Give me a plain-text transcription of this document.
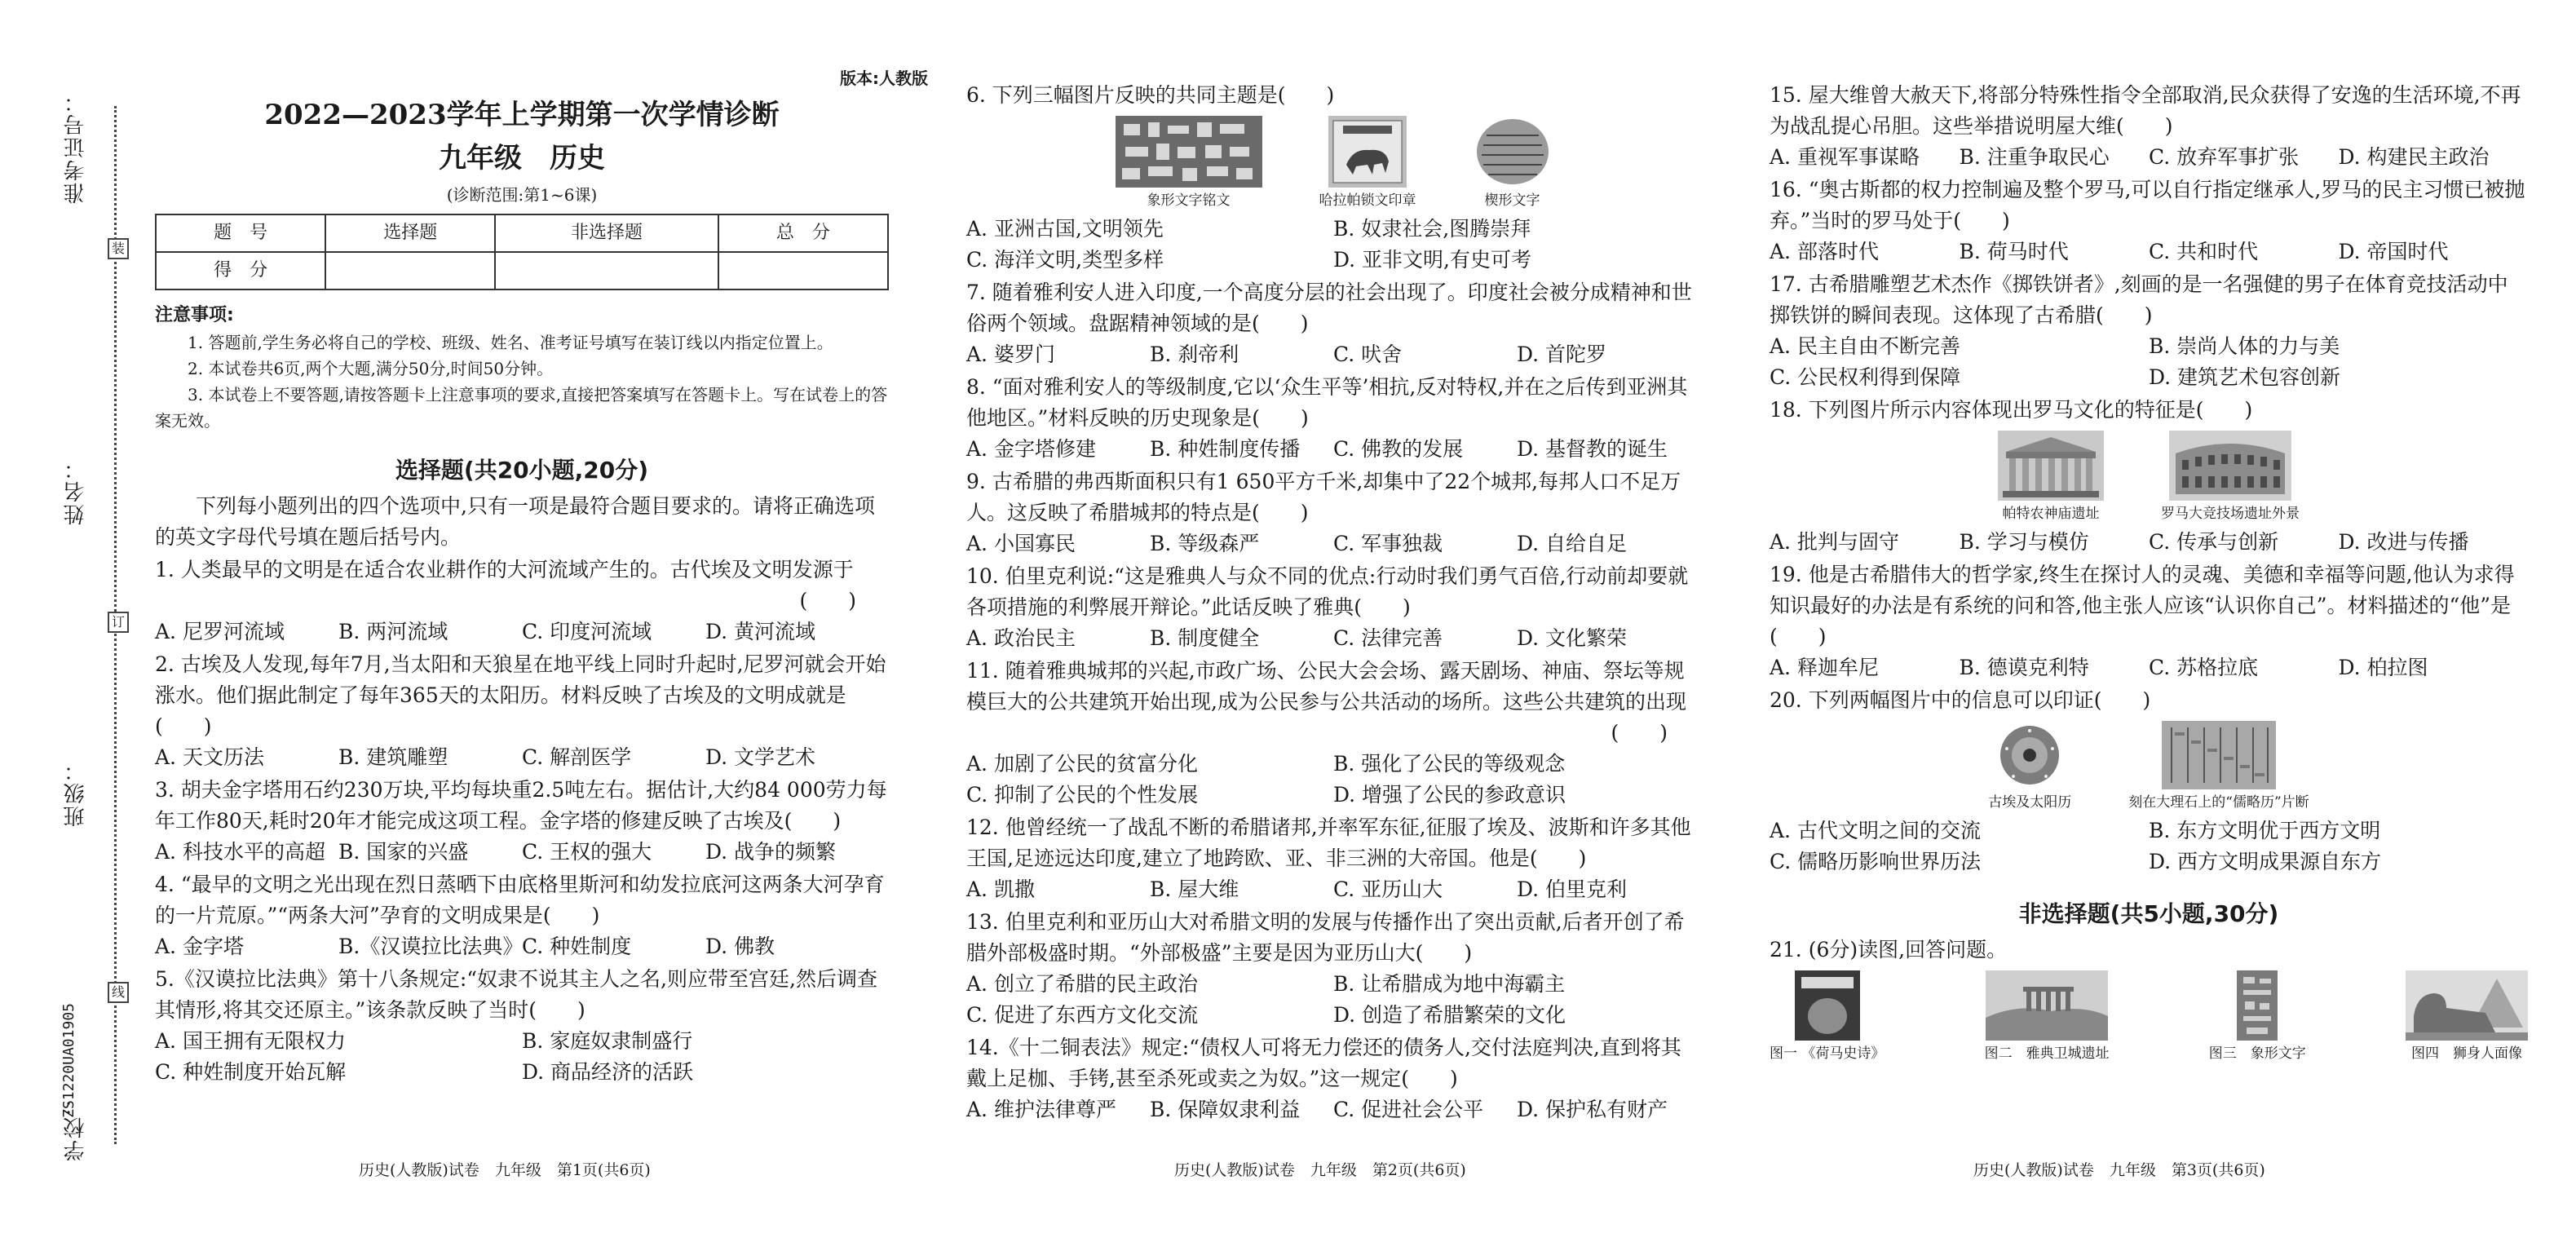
准考证号：
姓名：
班级：
学校：
装
订
线
ZS1220UA01905
版本:人教版
2022—2023学年上学期第一次学情诊断
九年级　历史
(诊断范围:第1~6课)
题　号	选择题	非选择题	总　分
得　分			
注意事项:
1. 答题前,学生务必将自己的学校、班级、姓名、准考证号填写在装订线以内指定位置上。
2. 本试卷共6页,两个大题,满分50分,时间50分钟。
3. 本试卷上不要答题,请按答题卡上注意事项的要求,直接把答案填写在答题卡上。写在试卷上的答案无效。
选择题(共20小题,20分)
下列每小题列出的四个选项中,只有一项是最符合题目要求的。请将正确选项的英文字母代号填在题后括号内。
1. 人类最早的文明是在适合农业耕作的大河流域产生的。古代埃及文明发源于
(　　)
A. 尼罗河流域	B. 两河流域	C. 印度河流域	D. 黄河流域
2. 古埃及人发现,每年7月,当太阳和天狼星在地平线上同时升起时,尼罗河就会开始涨水。他们据此制定了每年365天的太阳历。材料反映了古埃及的文明成就是(　　)
A. 天文历法	B. 建筑雕塑	C. 解剖医学	D. 文学艺术
3. 胡夫金字塔用石约230万块,平均每块重2.5吨左右。据估计,大约84 000劳力每年工作80天,耗时20年才能完成这项工程。金字塔的修建反映了古埃及(　　)
A. 科技水平的高超 B. 国家的兴盛	C. 王权的强大	D. 战争的频繁
4. “最早的文明之光出现在烈日蒸晒下由底格里斯河和幼发拉底河这两条大河孕育的一片荒原。”“两条大河”孕育的文明成果是(　　)
A. 金字塔	B.《汉谟拉比法典》
C. 种姓制度	D. 佛教
5.《汉谟拉比法典》第十八条规定:“奴隶不说其主人之名,则应带至宫廷,然后调查其情形,将其交还原主。”该条款反映了当时(　　)
A. 国王拥有无限权力	B. 家庭奴隶制盛行
C. 种姓制度开始瓦解	D. 商品经济的活跃
历史(人教版)试卷　九年级　第1页(共6页)
6. 下列三幅图片反映的共同主题是(　　)
象形文字铭文	哈拉帕锁文印章	楔形文字
A. 亚洲古国,文明领先	B. 奴隶社会,图腾崇拜
C. 海洋文明,类型多样	D. 亚非文明,有史可考
7. 随着雅利安人进入印度,一个高度分层的社会出现了。印度社会被分成精神和世俗两个领域。盘踞精神领域的是(　　)
A. 婆罗门	B. 刹帝利	C. 吠舍	D. 首陀罗
8. “面对雅利安人的等级制度,它以‘众生平等’相抗,反对特权,并在之后传到亚洲其他地区。”材料反映的历史现象是(　　)
A. 金字塔修建	B. 种姓制度传播	C. 佛教的发展	D. 基督教的诞生
9. 古希腊的弗西斯面积只有1 650平方千米,却集中了22个城邦,每邦人口不足万人。这反映了希腊城邦的特点是(　　)
A. 小国寡民	B. 等级森严	C. 军事独裁	D. 自给自足
10. 伯里克利说:“这是雅典人与众不同的优点:行动时我们勇气百倍,行动前却要就各项措施的利弊展开辩论。”此话反映了雅典(　　)
A. 政治民主	B. 制度健全	C. 法律完善	D. 文化繁荣
11. 随着雅典城邦的兴起,市政广场、公民大会会场、露天剧场、神庙、祭坛等规模巨大的公共建筑开始出现,成为公民参与公共活动的场所。这些公共建筑的出现
(　　)
A. 加剧了公民的贫富分化	B. 强化了公民的等级观念
C. 抑制了公民的个性发展	D. 增强了公民的参政意识
12. 他曾经统一了战乱不断的希腊诸邦,并率军东征,征服了埃及、波斯和许多其他王国,足迹远达印度,建立了地跨欧、亚、非三洲的大帝国。他是(　　)
A. 凯撒	B. 屋大维	C. 亚历山大	D. 伯里克利
13. 伯里克利和亚历山大对希腊文明的发展与传播作出了突出贡献,后者开创了希腊外部极盛时期。“外部极盛”主要是因为亚历山大(　　)
A. 创立了希腊的民主政治	B. 让希腊成为地中海霸主
C. 促进了东西方文化交流	D. 创造了希腊繁荣的文化
14.《十二铜表法》规定:“债权人可将无力偿还的债务人,交付法庭判决,直到将其戴上足枷、手铐,甚至杀死或卖之为奴。”这一规定(　　)
A. 维护法律尊严	B. 保障奴隶利益	C. 促进社会公平	D. 保护私有财产
历史(人教版)试卷　九年级　第2页(共6页)
15. 屋大维曾大赦天下,将部分特殊性指令全部取消,民众获得了安逸的生活环境,不再为战乱提心吊胆。这些举措说明屋大维(　　)
A. 重视军事谋略	B. 注重争取民心	C. 放弃军事扩张	D. 构建民主政治
16. “奥古斯都的权力控制遍及整个罗马,可以自行指定继承人,罗马的民主习惯已被抛弃。”当时的罗马处于(　　)
A. 部落时代	B. 荷马时代	C. 共和时代	D. 帝国时代
17. 古希腊雕塑艺术杰作《掷铁饼者》,刻画的是一名强健的男子在体育竞技活动中掷铁饼的瞬间表现。这体现了古希腊(　　)
A. 民主自由不断完善	B. 崇尚人体的力与美
C. 公民权利得到保障	D. 建筑艺术包容创新
18. 下列图片所示内容体现出罗马文化的特征是(　　)
帕特农神庙遗址	罗马大竞技场遗址外景
A. 批判与固守	B. 学习与模仿	C. 传承与创新	D. 改进与传播
19. 他是古希腊伟大的哲学家,终生在探讨人的灵魂、美德和幸福等问题,他认为求得知识最好的办法是有系统的问和答,他主张人应该“认识你自己”。材料描述的“他”是(　　)
A. 释迦牟尼	B. 德谟克利特	C. 苏格拉底	D. 柏拉图
20. 下列两幅图片中的信息可以印证(　　)
古埃及太阳历	刻在大理石上的“儒略历”片断
A. 古代文明之间的交流	B. 东方文明优于西方文明
C. 儒略历影响世界历法	D. 西方文明成果源自东方
非选择题(共5小题,30分)
21. (6分)读图,回答问题。
图一 《荷马史诗》	图二　雅典卫城遗址	图三　象形文字	图四　狮身人面像
历史(人教版)试卷　九年级　第3页(共6页)
